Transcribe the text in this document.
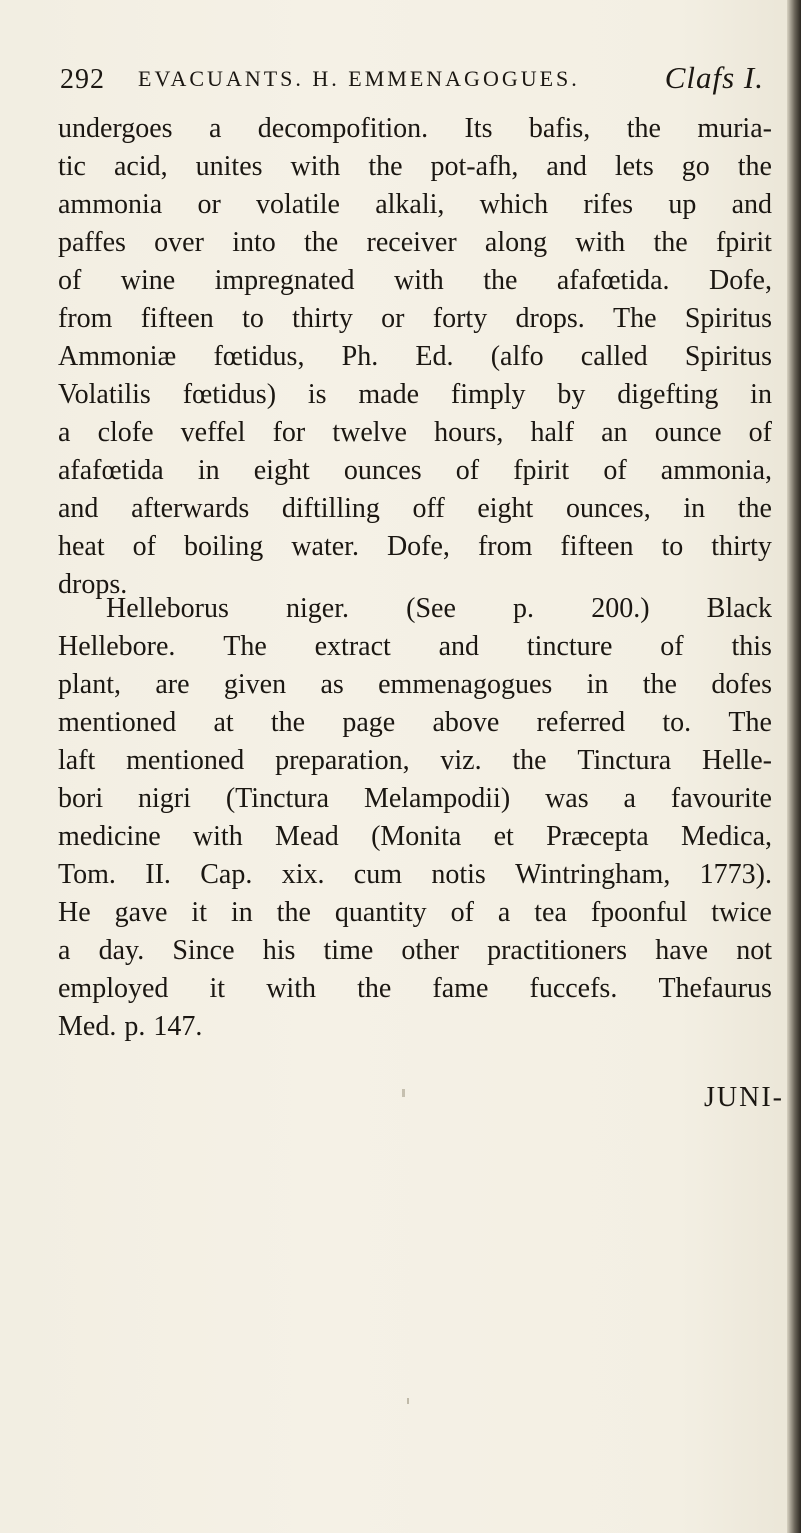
292 EVACUANTS. H. EMMENAGOGUES.	Clafs I.
undergoes a decompofition. Its bafis, the muria-
tic acid, unites with the pot-afh, and lets go the
ammonia or volatile alkali, which rifes up and
paffes over into the receiver along with the fpirit
of wine impregnated with the afafœtida. Dofe,
from fifteen to thirty or forty drops. The Spiritus
Ammoniæ fœtidus, Ph. Ed. (alfo called Spiritus
Volatilis fœtidus) is made fimply by digefting in
a clofe veffel for twelve hours, half an ounce of
afafœtida in eight ounces of fpirit of ammonia,
and afterwards diftilling off eight ounces, in the
heat of boiling water. Dofe, from fifteen to thirty
drops.
Helleborus niger. (See p. 200.) Black
Hellebore. The extract and tincture of this
plant, are given as emmenagogues in the dofes
mentioned at the page above referred to. The
laft mentioned preparation, viz. the Tinctura Helle-
bori nigri (Tinctura Melampodii) was a favourite
medicine with Mead (Monita et Præcepta Medica,
Tom. II. Cap. xix. cum notis Wintringham, 1773).
He gave it in the quantity of a tea fpoonful twice
a day. Since his time other practitioners have not
employed it with the fame fuccefs. Thefaurus
Med. p. 147.
JUNI-
